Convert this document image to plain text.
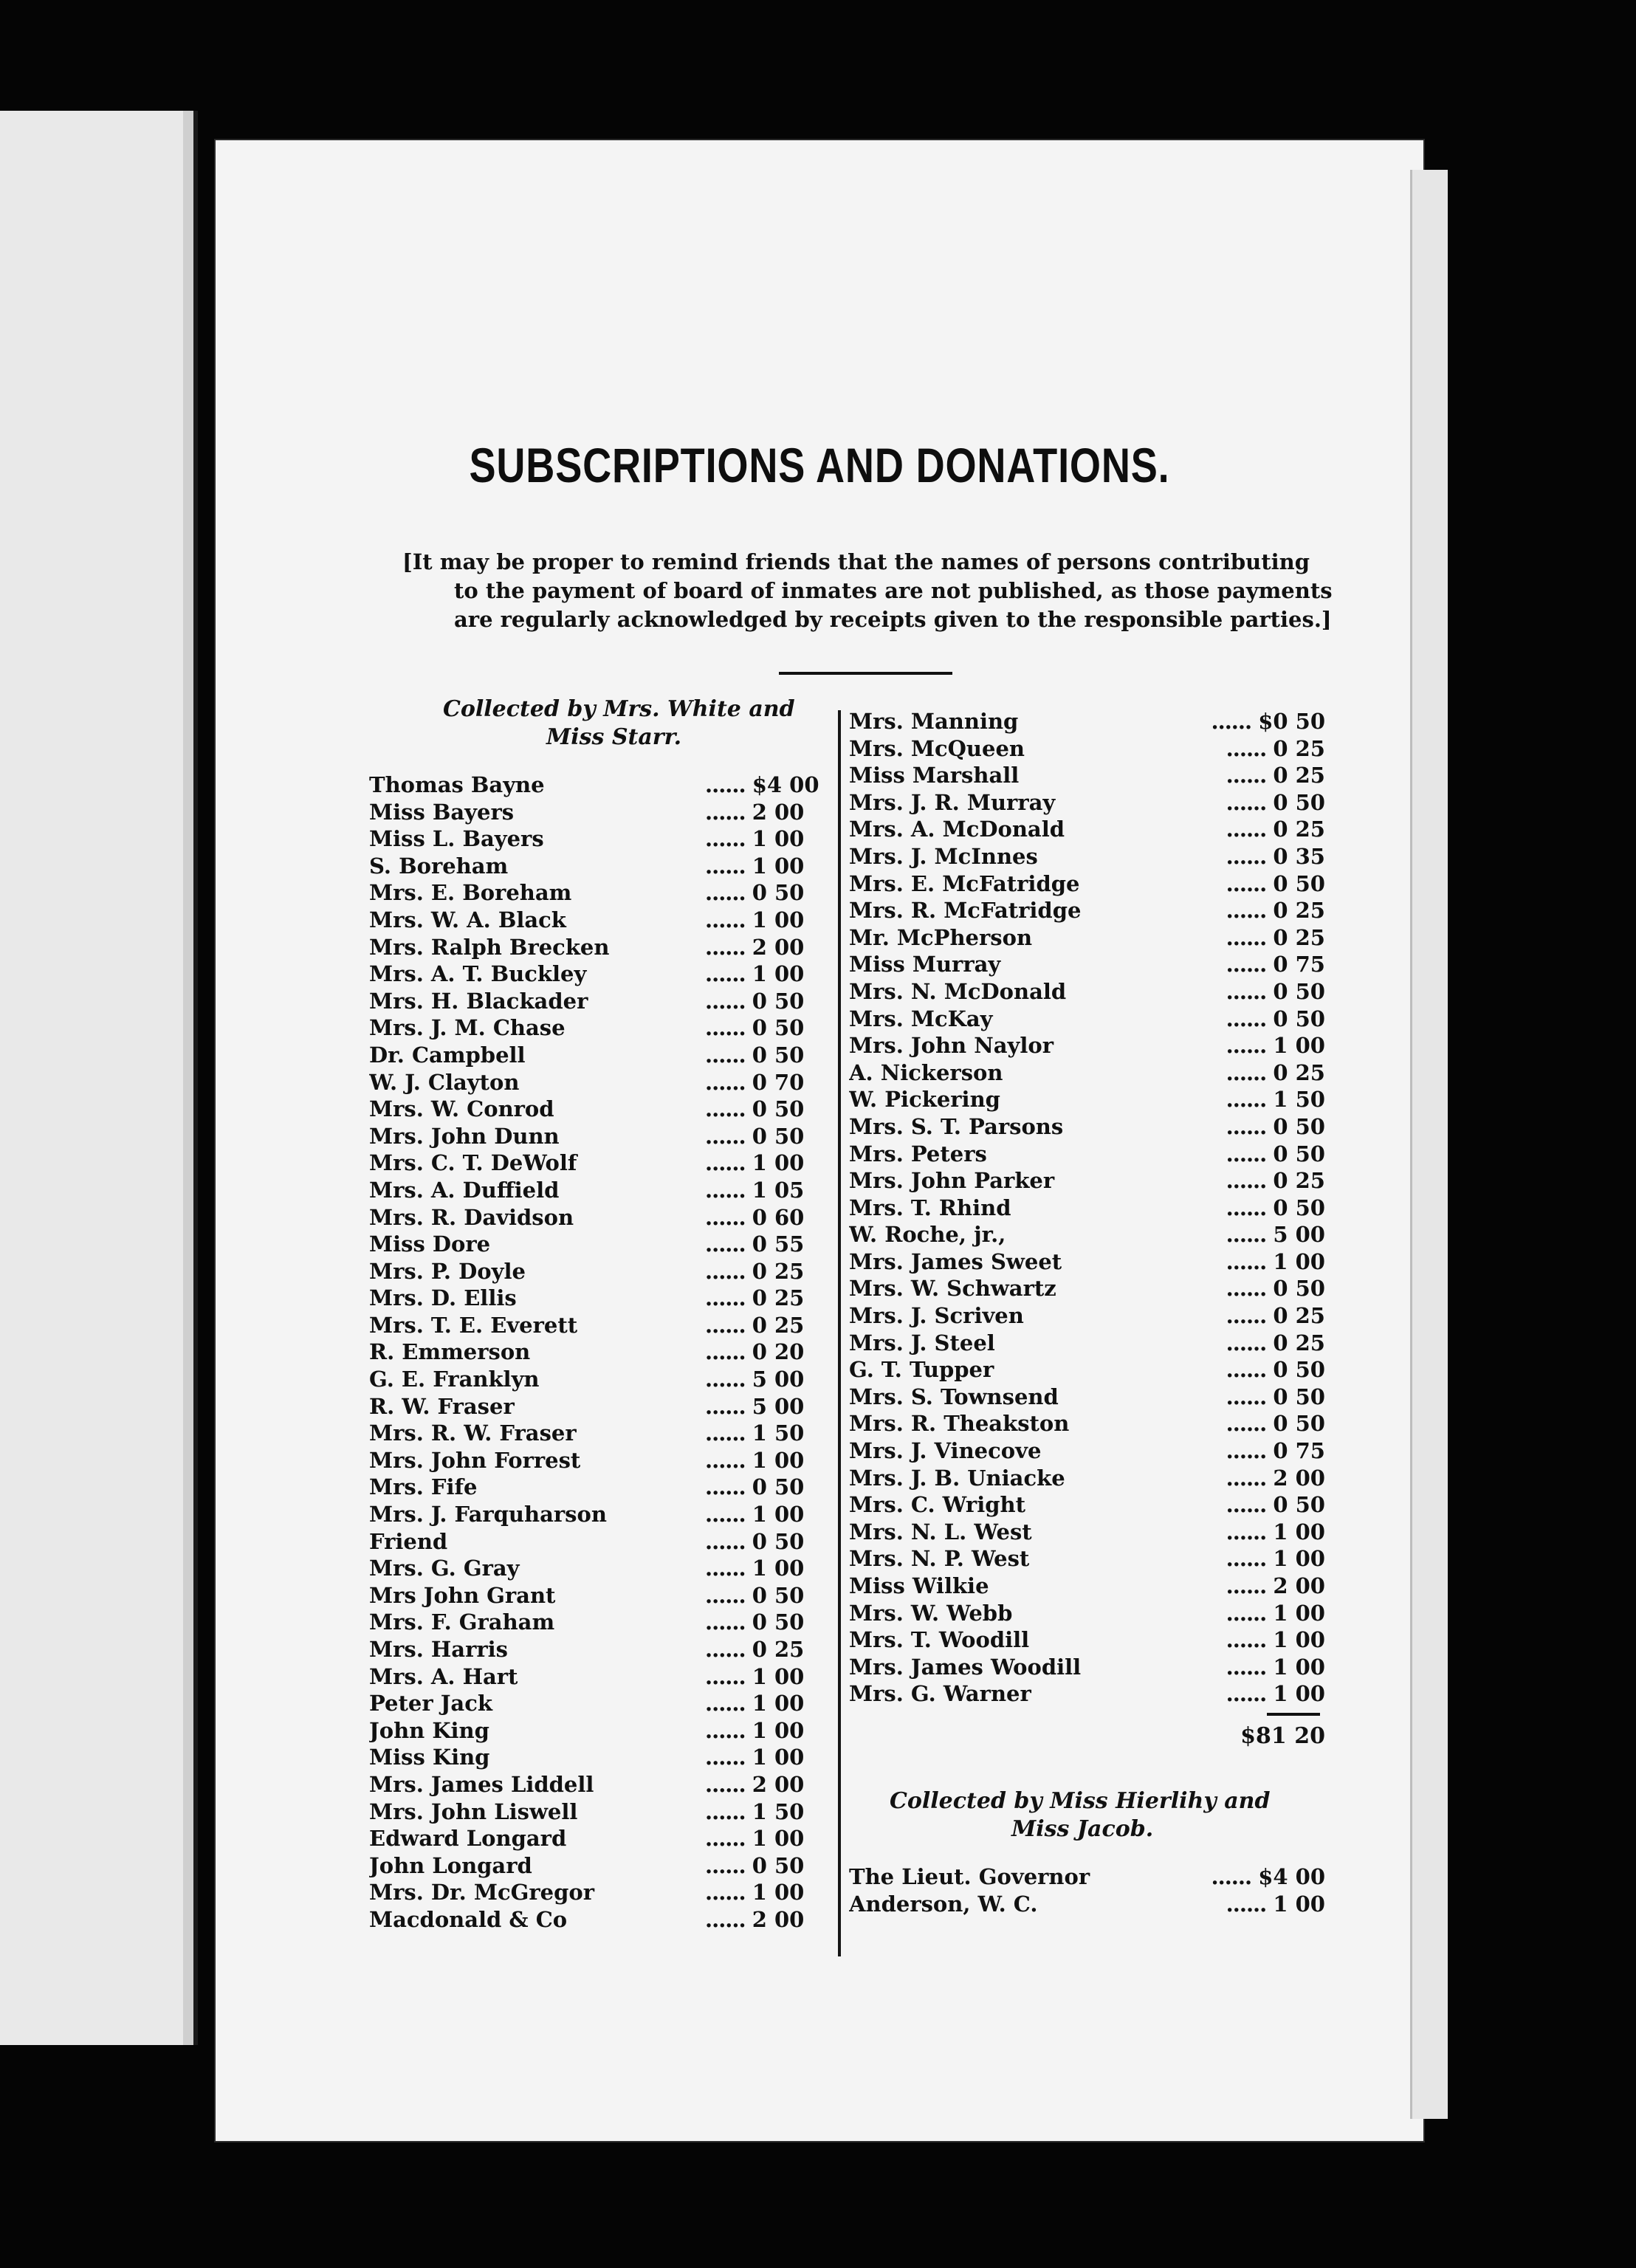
SUBSCRIPTIONS AND DONATIONS.
[It may be proper to remind friends that the names of persons contributing
to the payment of board of inmates are not published, as those payments
are regularly acknowledged by receipts given to the responsible parties.]
Collected by Mrs. White and
Miss Starr.
Thomas Bayne	...... $4 00
Miss Bayers	...... 2 00
Miss L. Bayers	...... 1 00
S. Boreham	...... 1 00
Mrs. E. Boreham	...... 0 50
Mrs. W. A. Black	...... 1 00
Mrs. Ralph Brecken	...... 2 00
Mrs. A. T. Buckley	...... 1 00
Mrs. H. Blackader	...... 0 50
Mrs. J. M. Chase	...... 0 50
Dr. Campbell	...... 0 50
W. J. Clayton	...... 0 70
Mrs. W. Conrod	...... 0 50
Mrs. John Dunn	...... 0 50
Mrs. C. T. DeWolf	...... 1 00
Mrs. A. Duffield	...... 1 05
Mrs. R. Davidson	...... 0 60
Miss Dore	...... 0 55
Mrs. P. Doyle	...... 0 25
Mrs. D. Ellis	...... 0 25
Mrs. T. E. Everett	...... 0 25
R. Emmerson	...... 0 20
G. E. Franklyn	...... 5 00
R. W. Fraser	...... 5 00
Mrs. R. W. Fraser	...... 1 50
Mrs. John Forrest	...... 1 00
Mrs. Fife	...... 0 50
Mrs. J. Farquharson	...... 1 00
Friend	...... 0 50
Mrs. G. Gray	...... 1 00
Mrs John Grant	...... 0 50
Mrs. F. Graham	...... 0 50
Mrs. Harris	...... 0 25
Mrs. A. Hart	...... 1 00
Peter Jack	...... 1 00
John King	...... 1 00
Miss King	...... 1 00
Mrs. James Liddell	...... 2 00
Mrs. John Liswell	...... 1 50
Edward Longard	...... 1 00
John Longard	...... 0 50
Mrs. Dr. McGregor	...... 1 00
Macdonald & Co	...... 2 00
Mrs. Manning	...... $0 50
Mrs. McQueen	...... 0 25
Miss Marshall	...... 0 25
Mrs. J. R. Murray	...... 0 50
Mrs. A. McDonald	...... 0 25
Mrs. J. McInnes	...... 0 35
Mrs. E. McFatridge	...... 0 50
Mrs. R. McFatridge	...... 0 25
Mr. McPherson	...... 0 25
Miss Murray	...... 0 75
Mrs. N. McDonald	...... 0 50
Mrs. McKay	...... 0 50
Mrs. John Naylor	...... 1 00
A. Nickerson	...... 0 25
W. Pickering	...... 1 50
Mrs. S. T. Parsons	...... 0 50
Mrs. Peters	...... 0 50
Mrs. John Parker	...... 0 25
Mrs. T. Rhind	...... 0 50
W. Roche, jr.,	...... 5 00
Mrs. James Sweet	...... 1 00
Mrs. W. Schwartz	...... 0 50
Mrs. J. Scriven	...... 0 25
Mrs. J. Steel	...... 0 25
G. T. Tupper	...... 0 50
Mrs. S. Townsend	...... 0 50
Mrs. R. Theakston	...... 0 50
Mrs. J. Vinecove	...... 0 75
Mrs. J. B. Uniacke	...... 2 00
Mrs. C. Wright	...... 0 50
Mrs. N. L. West	...... 1 00
Mrs. N. P. West	...... 1 00
Miss Wilkie	...... 2 00
Mrs. W. Webb	...... 1 00
Mrs. T. Woodill	...... 1 00
Mrs. James Woodill	...... 1 00
Mrs. G. Warner	...... 1 00
$81 20
Collected by Miss Hierlihy and
Miss Jacob.
The Lieut. Governor	...... $4 00
Anderson, W. C.	...... 1 00
